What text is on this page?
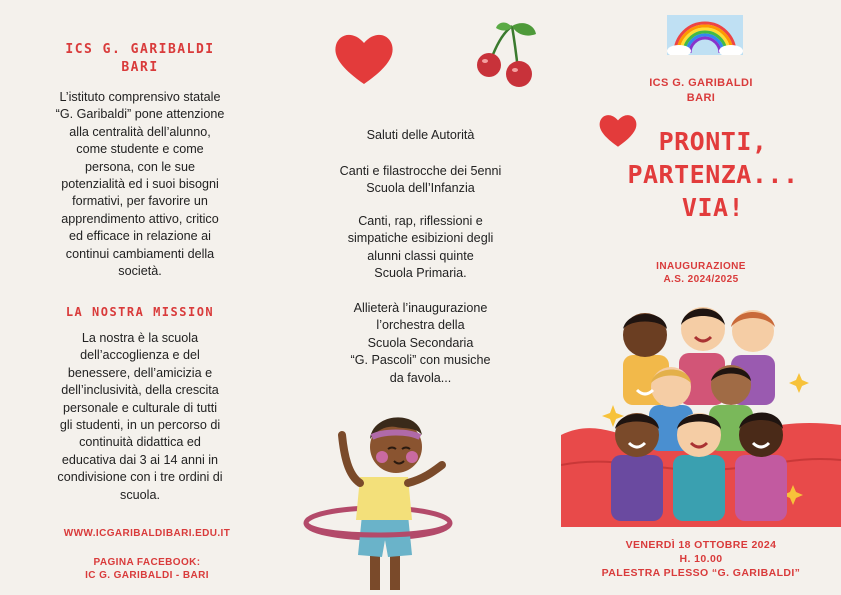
ICS G. GARIBALDI
BARI
L’istituto comprensivo statale
“G. Garibaldi” pone attenzione
alla centralità dell’alunno,
come studente e come
persona, con le sue
potenzialità ed i suoi bisogni
formativi, per favorire un
apprendimento attivo, critico
ed efficace in relazione ai
continui cambiamenti della
società.
LA NOSTRA MISSION
La nostra è la scuola
dell’accoglienza e del
benessere, dell’amicizia e
dell’inclusività, della crescita
personale e culturale di tutti
gli studenti, in un percorso di
continuità didattica ed
educativa dai 3 ai 14 anni in
condivisione con i tre ordini di
scuola.
WWW.ICGARIBALDIBARI.EDU.IT
PAGINA FACEBOOK:
IC G. GARIBALDI - BARI
Saluti delle Autorità
Canti e filastrocche dei 5enni
Scuola dell’Infanzia
Canti, rap, riflessioni e
simpatiche esibizioni degli
alunni classi quinte
Scuola Primaria.
Allieterà l’inaugurazione
l’orchestra della
Scuola Secondaria
“G. Pascoli” con musiche
da favola...
ICS G. GARIBALDI
BARI
PRONTI,
PARTENZA...
VIA!
INAUGURAZIONE
A.S. 2024/2025
VENERDÌ 18 OTTOBRE 2024
H. 10.00
PALESTRA PLESSO “G. GARIBALDI”
